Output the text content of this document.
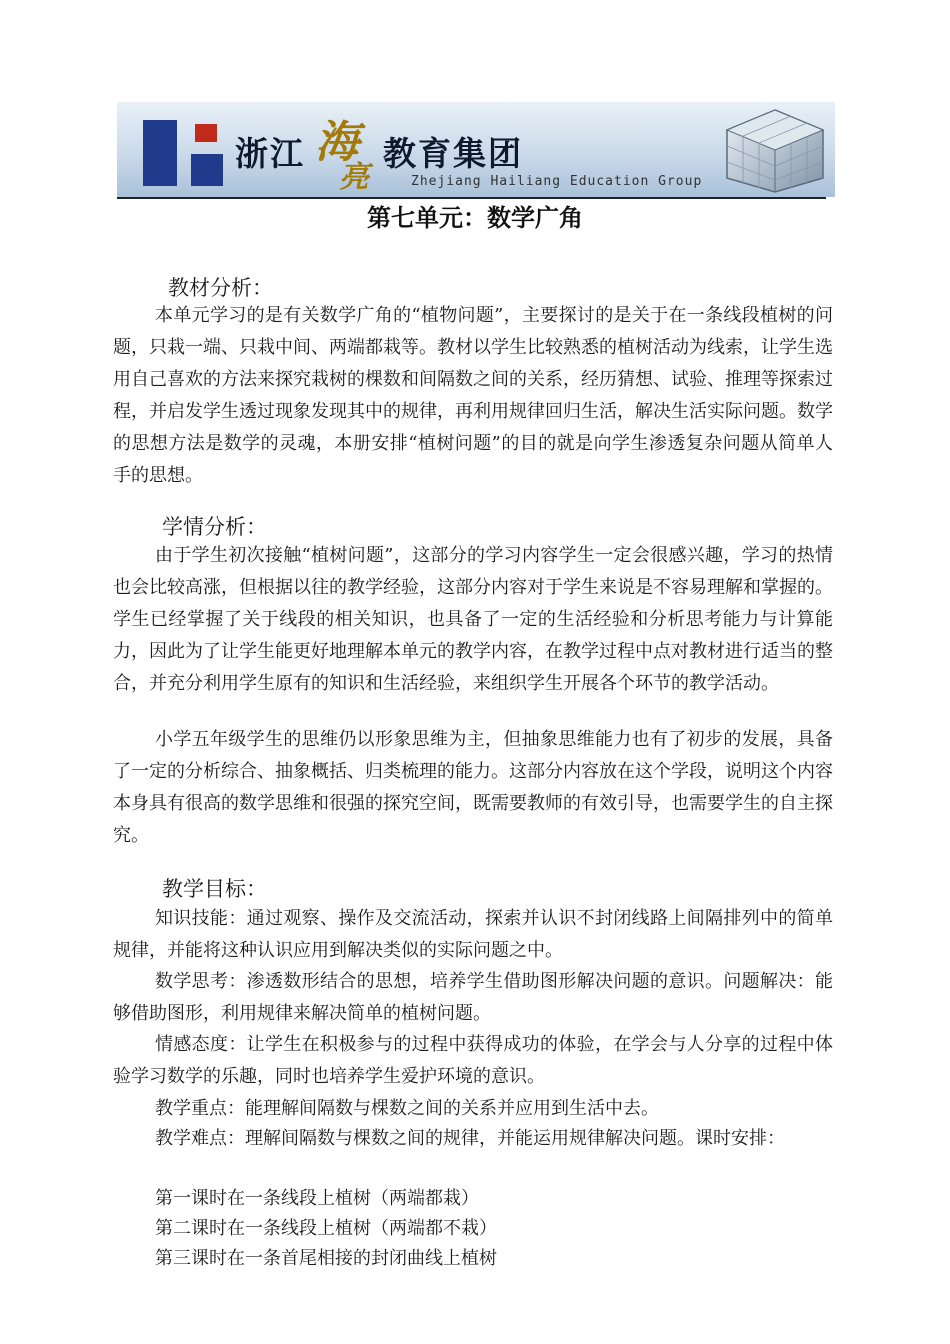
浙江 教育集团
海
亮	Zhejiang Hailiang Education Group
第七单元：数学广角
教材分析：

本单元学习的是有关数学广角的“植物问题”，主要探讨的是关于在一条线段植树的问题，只栽一端、只栽中间、两端都栽等。教材以学生比较熟悉的植树活动为线索，让学生选用自己喜欢的方法来探究栽树的棵数和间隔数之间的关系，经历猜想、试验、推理等探索过程，并启发学生透过现象发现其中的规律，再利用规律回归生活，解决生活实际问题。数学的思想方法是数学的灵魂，本册安排“植树问题”的目的就是向学生渗透复杂问题从简单人手的思想。

学情分析：

由于学生初次接触“植树问题”，这部分的学习内容学生一定会很感兴趣，学习的热情也会比较高涨，但根据以往的教学经验，这部分内容对于学生来说是不容易理解和掌握的。学生已经掌握了关于线段的相关知识，也具备了一定的生活经验和分析思考能力与计算能力，因此为了让学生能更好地理解本单元的教学内容，在教学过程中点对教材进行适当的整合，并充分利用学生原有的知识和生活经验，来组织学生开展各个环节的教学活动。

小学五年级学生的思维仍以形象思维为主，但抽象思维能力也有了初步的发展，具备了一定的分析综合、抽象概括、归类梳理的能力。这部分内容放在这个学段，说明这个内容本身具有很高的数学思维和很强的探究空间，既需要教师的有效引导，也需要学生的自主探究。

教学目标：

知识技能：通过观察、操作及交流活动，探索并认识不封闭线路上间隔排列中的简单规律，并能将这种认识应用到解决类似的实际问题之中。

数学思考：渗透数形结合的思想，培养学生借助图形解决问题的意识。问题解决：能够借助图形，利用规律来解决简单的植树问题。

情感态度：让学生在积极参与的过程中获得成功的体验，在学会与人分享的过程中体验学习数学的乐趣，同时也培养学生爱护环境的意识。

教学重点：能理解间隔数与棵数之间的关系并应用到生活中去。

教学难点：理解间隔数与棵数之间的规律，并能运用规律解决问题。课时安排：

第一课时在一条线段上植树（两端都栽）
第二课时在一条线段上植树（两端都不栽）
第三课时在一条首尾相接的封闭曲线上植树
